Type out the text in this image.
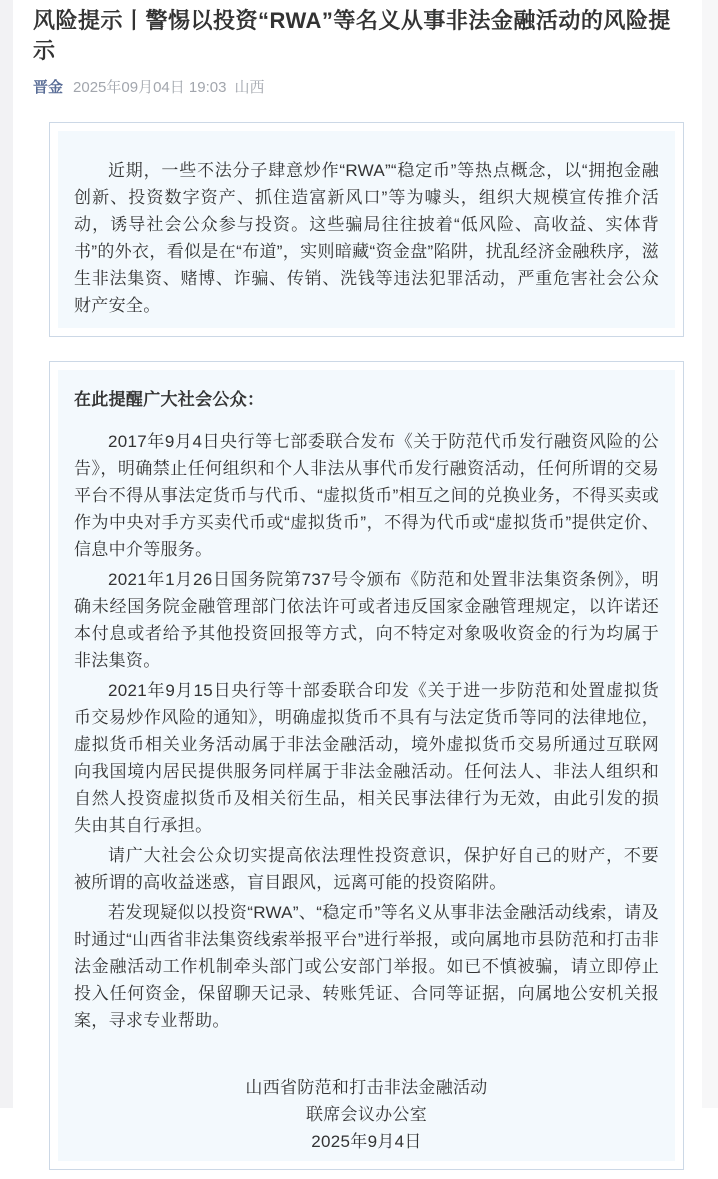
风险提示丨警惕以投资“RWA”等名义从事非法金融活动的风险提示
晋金 2025年09月04日 19:03 山西

近期，一些不法分子肆意炒作“RWA”“稳定币”等热点概念，以“拥抱金融创新、投资数字资产、抓住造富新风口”等为噱头，组织大规模宣传推介活动，诱导社会公众参与投资。这些骗局往往披着“低风险、高收益、实体背书”的外衣，看似是在“布道”，实则暗藏“资金盘”陷阱，扰乱经济金融秩序，滋生非法集资、赌博、诈骗、传销、洗钱等违法犯罪活动，严重危害社会公众财产安全。

在此提醒广大社会公众：

2017年9月4日央行等七部委联合发布《关于防范代币发行融资风险的公告》，明确禁止任何组织和个人非法从事代币发行融资活动，任何所谓的交易平台不得从事法定货币与代币、“虚拟货币”相互之间的兑换业务，不得买卖或作为中央对手方买卖代币或“虚拟货币”，不得为代币或“虚拟货币”提供定价、信息中介等服务。

2021年1月26日国务院第737号令颁布《防范和处置非法集资条例》，明确未经国务院金融管理部门依法许可或者违反国家金融管理规定，以许诺还本付息或者给予其他投资回报等方式，向不特定对象吸收资金的行为均属于非法集资。

2021年9月15日央行等十部委联合印发《关于进一步防范和处置虚拟货币交易炒作风险的通知》，明确虚拟货币不具有与法定货币等同的法律地位，虚拟货币相关业务活动属于非法金融活动，境外虚拟货币交易所通过互联网向我国境内居民提供服务同样属于非法金融活动。任何法人、非法人组织和自然人投资虚拟货币及相关衍生品，相关民事法律行为无效，由此引发的损失由其自行承担。

请广大社会公众切实提高依法理性投资意识，保护好自己的财产，不要被所谓的高收益迷惑，盲目跟风，远离可能的投资陷阱。

若发现疑似以投资“RWA”、“稳定币”等名义从事非法金融活动线索，请及时通过“山西省非法集资线索举报平台”进行举报，或向属地市县防范和打击非法金融活动工作机制牵头部门或公安部门举报。如已不慎被骗，请立即停止投入任何资金，保留聊天记录、转账凭证、合同等证据，向属地公安机关报案，寻求专业帮助。

山西省防范和打击非法金融活动
联席会议办公室
2025年9月4日
